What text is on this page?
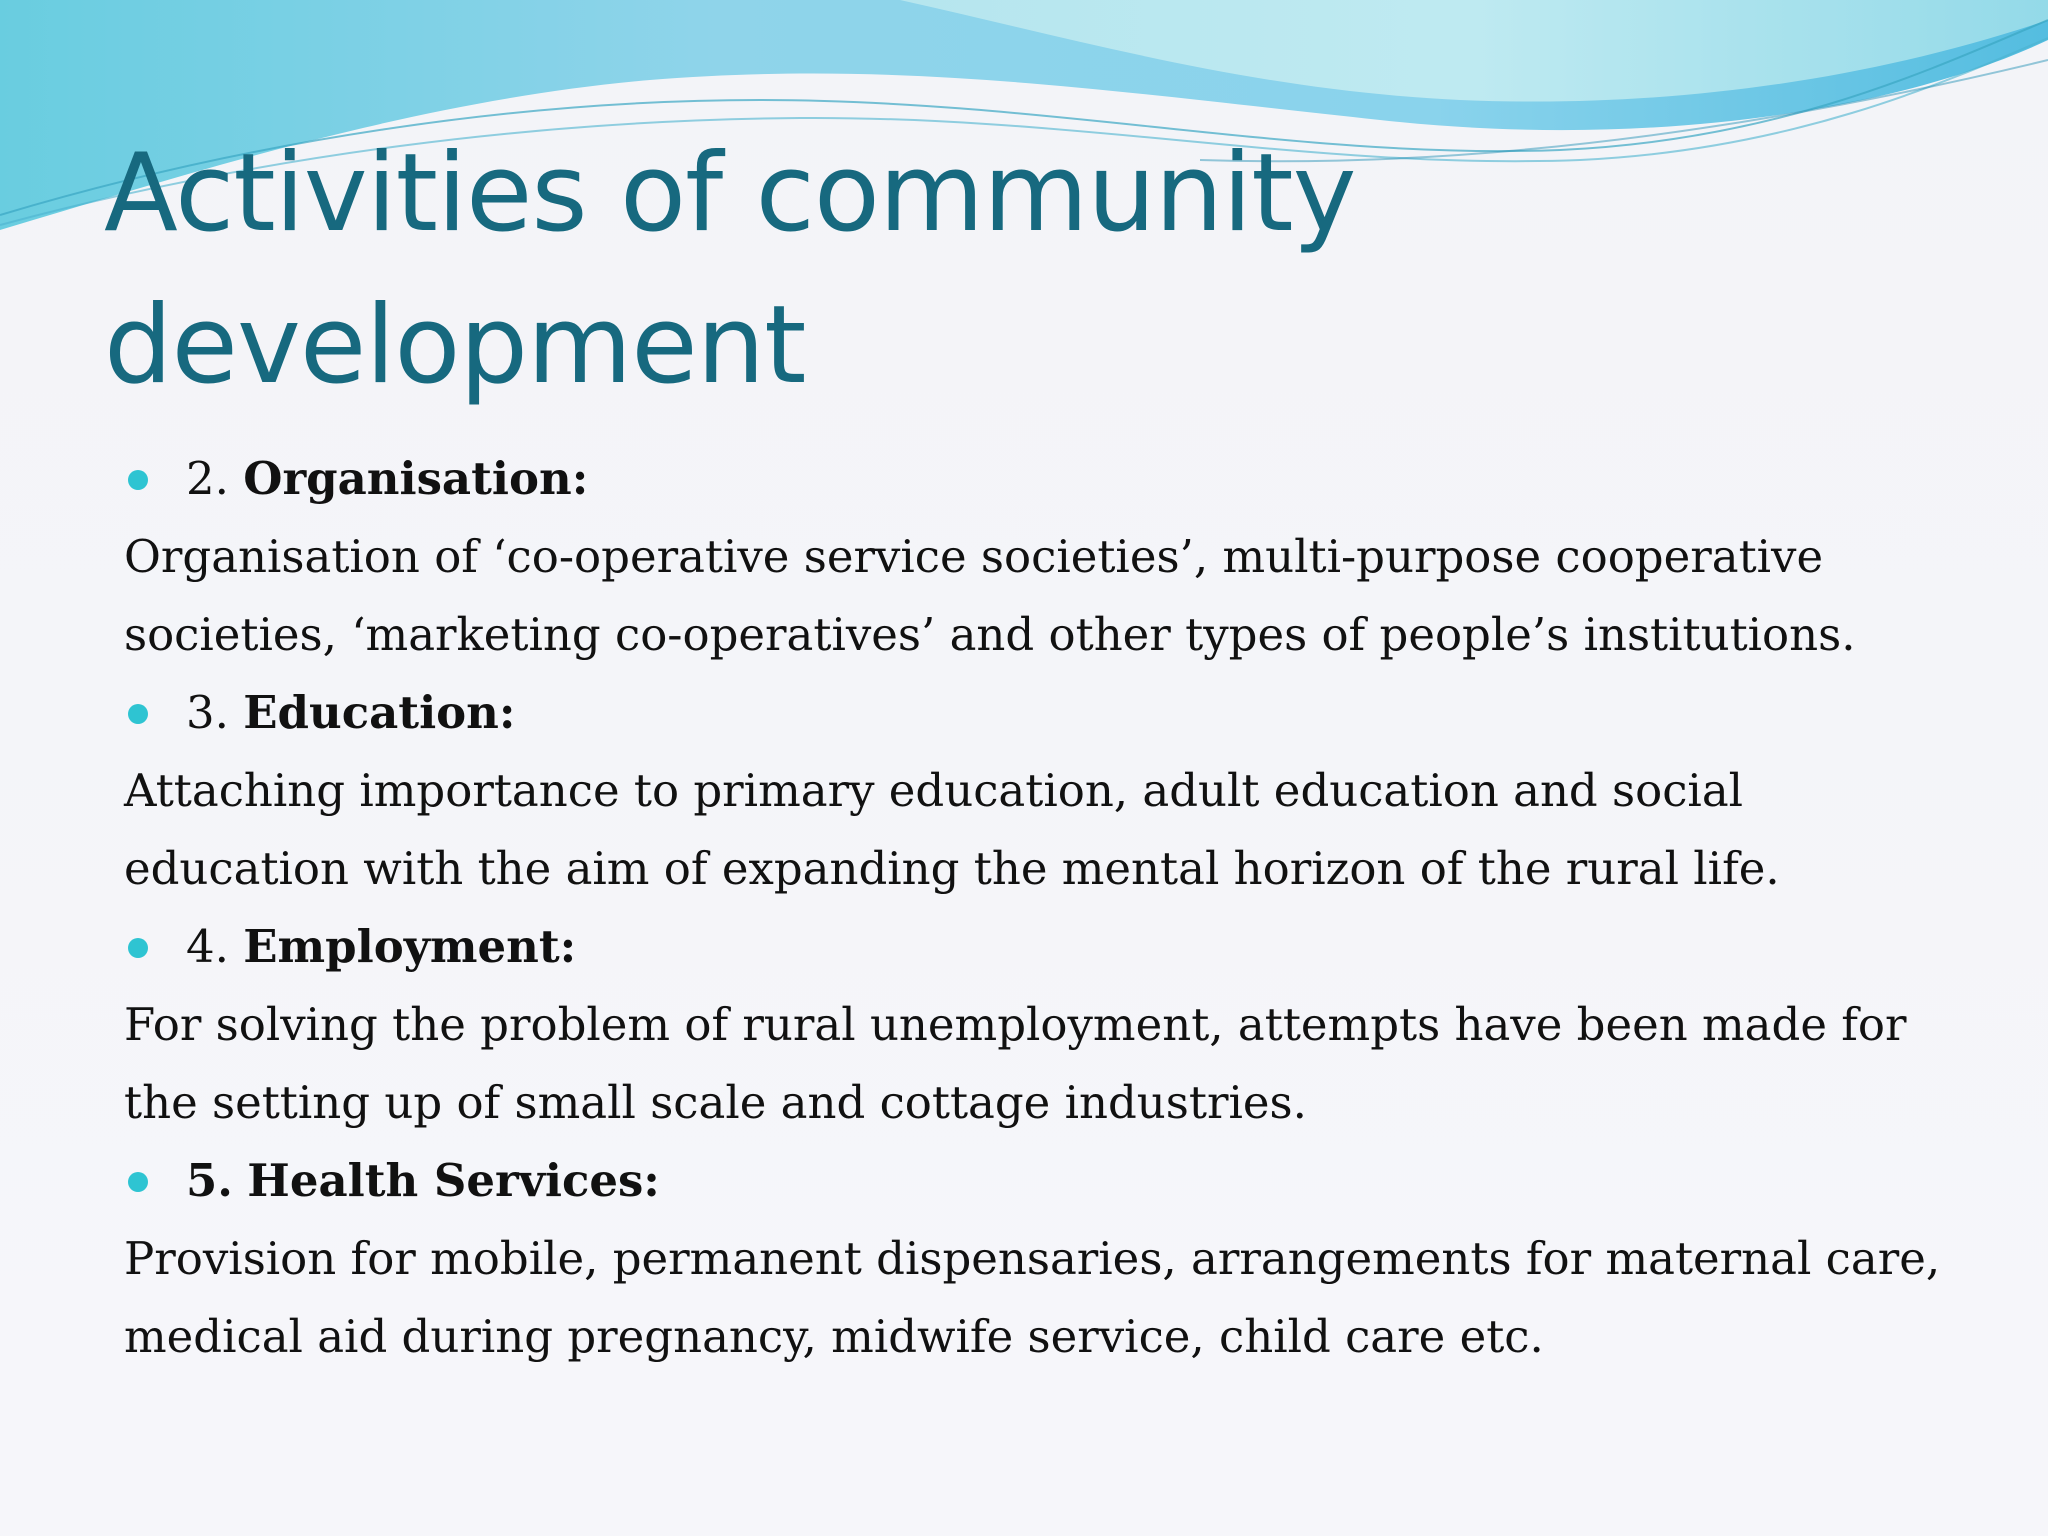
Activities of community development
2. Organisation:

Organisation of ‘co-operative service societies’, multi-purpose cooperative societies, ‘marketing co-operatives’ and other types of people’s institutions.

3. Education:

Attaching importance to primary education, adult education and social education with the aim of expanding the mental horizon of the rural life.

4. Employment:

For solving the problem of rural unemployment, attempts have been made for the setting up of small scale and cottage industries.

5. Health Services:

Provision for mobile, permanent dispensaries, arrangements for maternal care, medical aid during pregnancy, midwife service, child care etc.
